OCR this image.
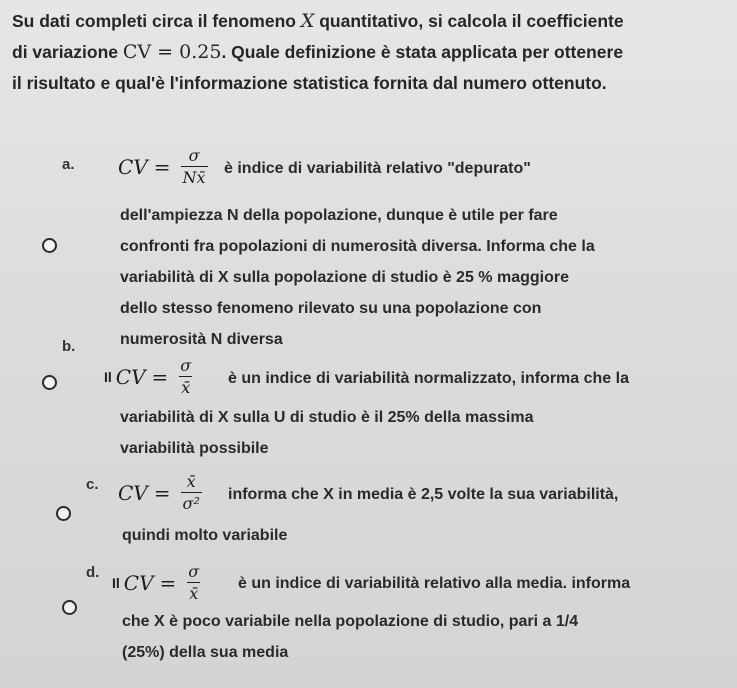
Su dati completi circa il fenomeno X quantitativo, si calcola il coefficiente
di variazione CV = 0.25. Quale definizione è stata applicata per ottenere
il risultato e qual'è l'informazione statistica fornita dal numero ottenuto.
a. CV = $\frac{\sigma}{Nx̄}$ è indice di variabilità relativo "depurato"
dell'ampiezza N della popolazione, dunque è utile per fare
confronti fra popolazioni di numerosità diversa. Informa che la
variabilità di X sulla popolazione di studio è 25 % maggiore
dello stesso fenomeno rilevato su una popolazione con
numerosità N diversa
b.
Il CV = $\frac{\sigma}{x̄}$ è un indice di variabilità normalizzato, informa che la
variabilità di X sulla U di studio è il 25% della massima
variabilità possibile
c. CV = $\frac{x̄}{\text{σ²}}$ informa che X in media è 2,5 volte la sua variabilità,
quindi molto variabile
d.
Il CV = $\frac{\sigma}{x̄}$ è un indice di variabilità relativo alla media. informa
che X è poco variabile nella popolazione di studio, pari a 1/4
(25%) della sua media
